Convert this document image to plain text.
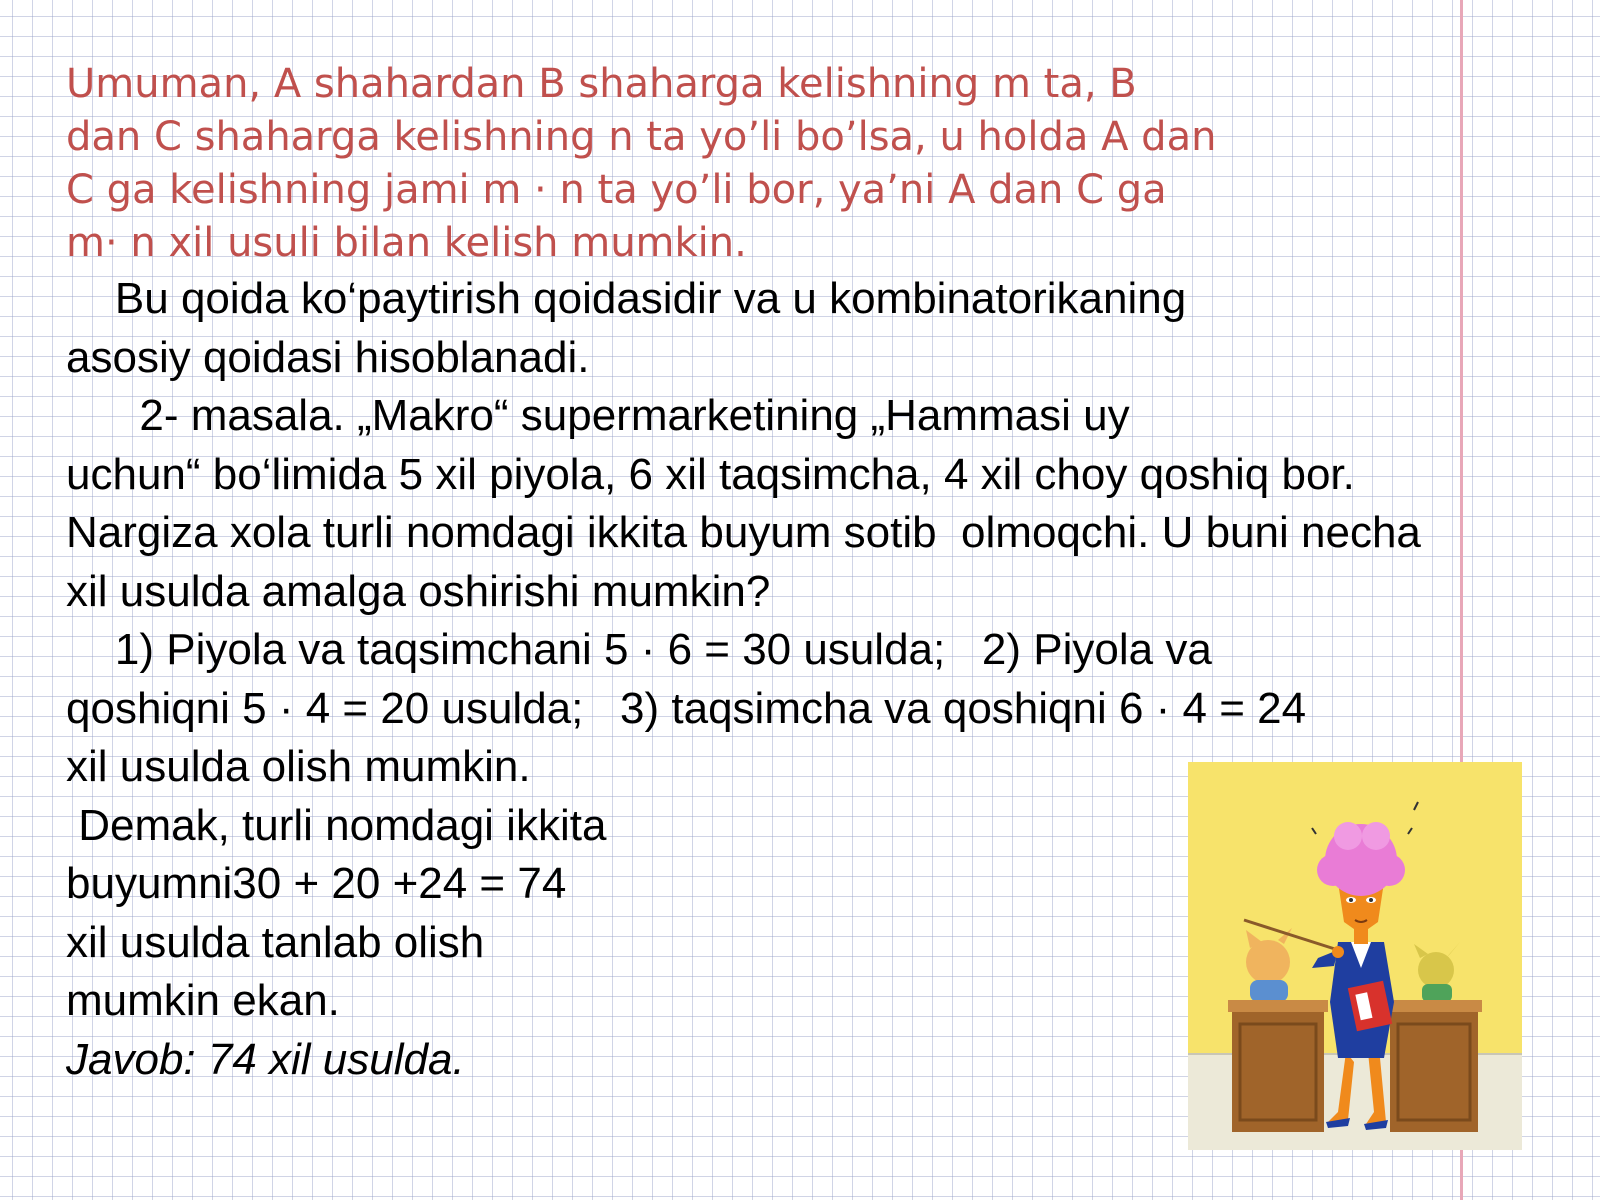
Umuman, A shahardan B shaharga kelishning m ta, B
dan C shaharga kelishning n ta yo’li bo’lsa, u holda A dan
C ga kelishning jami m · n ta yo’li bor, ya’ni A dan C ga
m· n xil usuli bilan kelish mumkin.
Bu qoida ko‘paytirish qoidasidir va u kombinatorikaning
asosiy qoidasi hisoblanadi.
2- masala. „Makro“ supermarketining „Hammasi uy
uchun“ bo‘limida 5 xil piyola, 6 xil taqsimcha, 4 xil choy qoshiq bor.
Nargiza xola turli nomdagi ikkita buyum sotib  olmoqchi. U buni necha
xil usulda amalga oshirishi mumkin?
1) Piyola va taqsimchani 5 · 6 = 30 usulda;   2) Piyola va
qoshiqni 5 · 4 = 20 usulda;   3) taqsimcha va qoshiqni 6 · 4 = 24
xil usulda olish mumkin.
Demak, turli nomdagi ikkita
buyumni30 + 20 +24 = 74
xil usulda tanlab olish
mumkin ekan.
Javob: 74 xil usulda.
